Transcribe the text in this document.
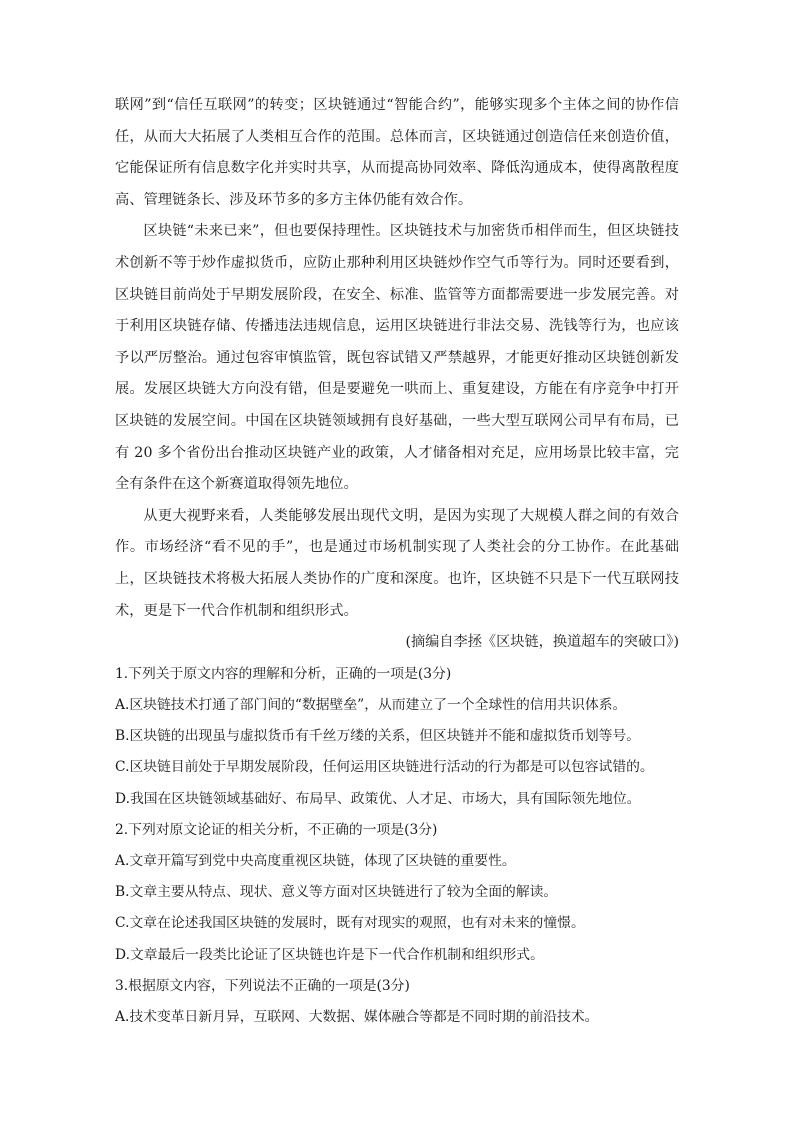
联网”到“信任互联网”的转变；区块链通过“智能合约”，能够实现多个主体之间的协作信任，从而大大拓展了人类相互合作的范围。总体而言，区块链通过创造信任来创造价值，它能保证所有信息数字化并实时共享，从而提高协同效率、降低沟通成本，使得离散程度高、管理链条长、涉及环节多的多方主体仍能有效合作。

区块链“未来已来”，但也要保持理性。区块链技术与加密货币相伴而生，但区块链技术创新不等于炒作虚拟货币，应防止那种利用区块链炒作空气币等行为。同时还要看到，区块链目前尚处于早期发展阶段，在安全、标准、监管等方面都需要进一步发展完善。对于利用区块链存储、传播违法违规信息，运用区块链进行非法交易、洗钱等行为，也应该予以严厉整治。通过包容审慎监管，既包容试错又严禁越界，才能更好推动区块链创新发展。发展区块链大方向没有错，但是要避免一哄而上、重复建设，方能在有序竞争中打开区块链的发展空间。中国在区块链领域拥有良好基础，一些大型互联网公司早有布局，已有 20 多个省份出台推动区块链产业的政策，人才储备相对充足，应用场景比较丰富，完全有条件在这个新赛道取得领先地位。

从更大视野来看，人类能够发展出现代文明，是因为实现了大规模人群之间的有效合作。市场经济“看不见的手”，也是通过市场机制实现了人类社会的分工协作。在此基础上，区块链技术将极大拓展人类协作的广度和深度。也许，区块链不只是下一代互联网技术，更是下一代合作机制和组织形式。

(摘编自李拯《区块链，换道超车的突破口》)

1.下列关于原文内容的理解和分析，正确的一项是(3分)

A.区块链技术打通了部门间的“数据壁垒”，从而建立了一个全球性的信用共识体系。

B.区块链的出现虽与虚拟货币有千丝万缕的关系，但区块链并不能和虚拟货币划等号。

C.区块链目前处于早期发展阶段，任何运用区块链进行活动的行为都是可以包容试错的。

D.我国在区块链领域基础好、布局早、政策优、人才足、市场大，具有国际领先地位。

2.下列对原文论证的相关分析，不正确的一项是(3分)

A.文章开篇写到党中央高度重视区块链，体现了区块链的重要性。

B.文章主要从特点、现状、意义等方面对区块链进行了较为全面的解读。

C.文章在论述我国区块链的发展时，既有对现实的观照，也有对未来的憧憬。

D.文章最后一段类比论证了区块链也许是下一代合作机制和组织形式。

3.根据原文内容，下列说法不正确的一项是(3分)

A.技术变革日新月异，互联网、大数据、媒体融合等都是不同时期的前沿技术。
